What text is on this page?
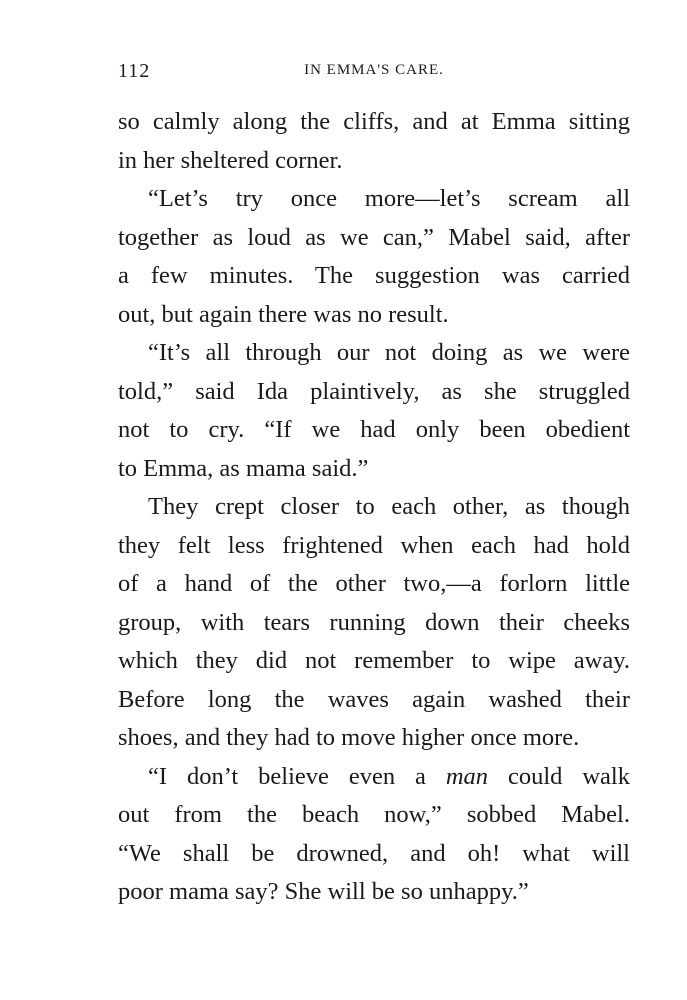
112	IN EMMA'S CARE.
so calmly along the cliffs, and at Emma sitting
in her sheltered corner.
“Let’s try once more—let’s scream all
together as loud as we can,” Mabel said, after
a few minutes. The suggestion was carried
out, but again there was no result.
“It’s all through our not doing as we were
told,” said Ida plaintively, as she struggled
not to cry. “If we had only been obedient
to Emma, as mama said.”
They crept closer to each other, as though
they felt less frightened when each had hold
of a hand of the other two,—a forlorn little
group, with tears running down their cheeks
which they did not remember to wipe away.
Before long the waves again washed their
shoes, and they had to move higher once more.
“I don’t believe even a man could walk
out from the beach now,” sobbed Mabel.
“We shall be drowned, and oh! what will
poor mama say? She will be so unhappy.”
